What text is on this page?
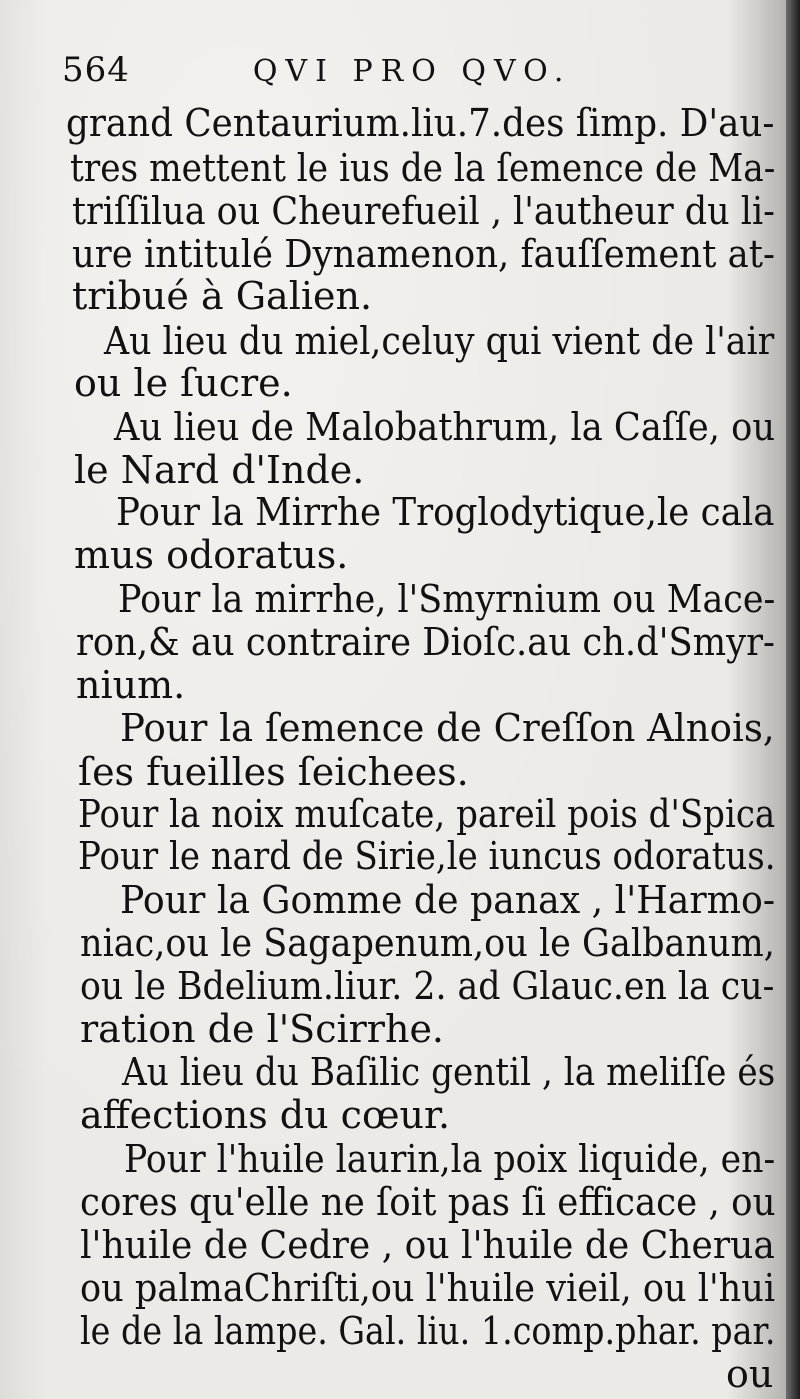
564	QVI PRO QVO.
grand Centaurium.liu.7.des ſimp. D'au-
tres mettent le ius de la ſemence de Ma-
triſſilua ou Cheurefueil , l'autheur du li-
ure intitulé Dynamenon, fauſſement at-
tribué à Galien.
Au lieu du miel,celuy qui vient de l'air
ou le ſucre.
Au lieu de Malobathrum, la Caſſe, ou
le Nard d'Inde.
Pour la Mirrhe Troglodytique,le cala
mus odoratus.
Pour la mirrhe, l'Smyrnium ou Mace-
ron,& au contraire Dioſc.au ch.d'Smyr-
nium.
Pour la ſemence de Creſſon Alnois,
ſes fueilles ſeichees.
Pour la noix muſcate, pareil pois d'Spica
Pour le nard de Sirie,le iuncus odoratus.
Pour la Gomme de panax , l'Harmo-
niac,ou le Sagapenum,ou le Galbanum,
ou le Bdelium.liur. 2. ad Glauc.en la cu-
ration de l'Scirrhe.
Au lieu du Baſilic gentil , la meliſſe és
affections du cœur.
Pour l'huile laurin,la poix liquide, en-
cores qu'elle ne ſoit pas ſi efficace , ou
l'huile de Cedre , ou l'huile de Cherua
ou palmaChriſti,ou l'huile vieil, ou l'hui
le de la lampe. Gal. liu. 1.comp.phar. par.
ou
